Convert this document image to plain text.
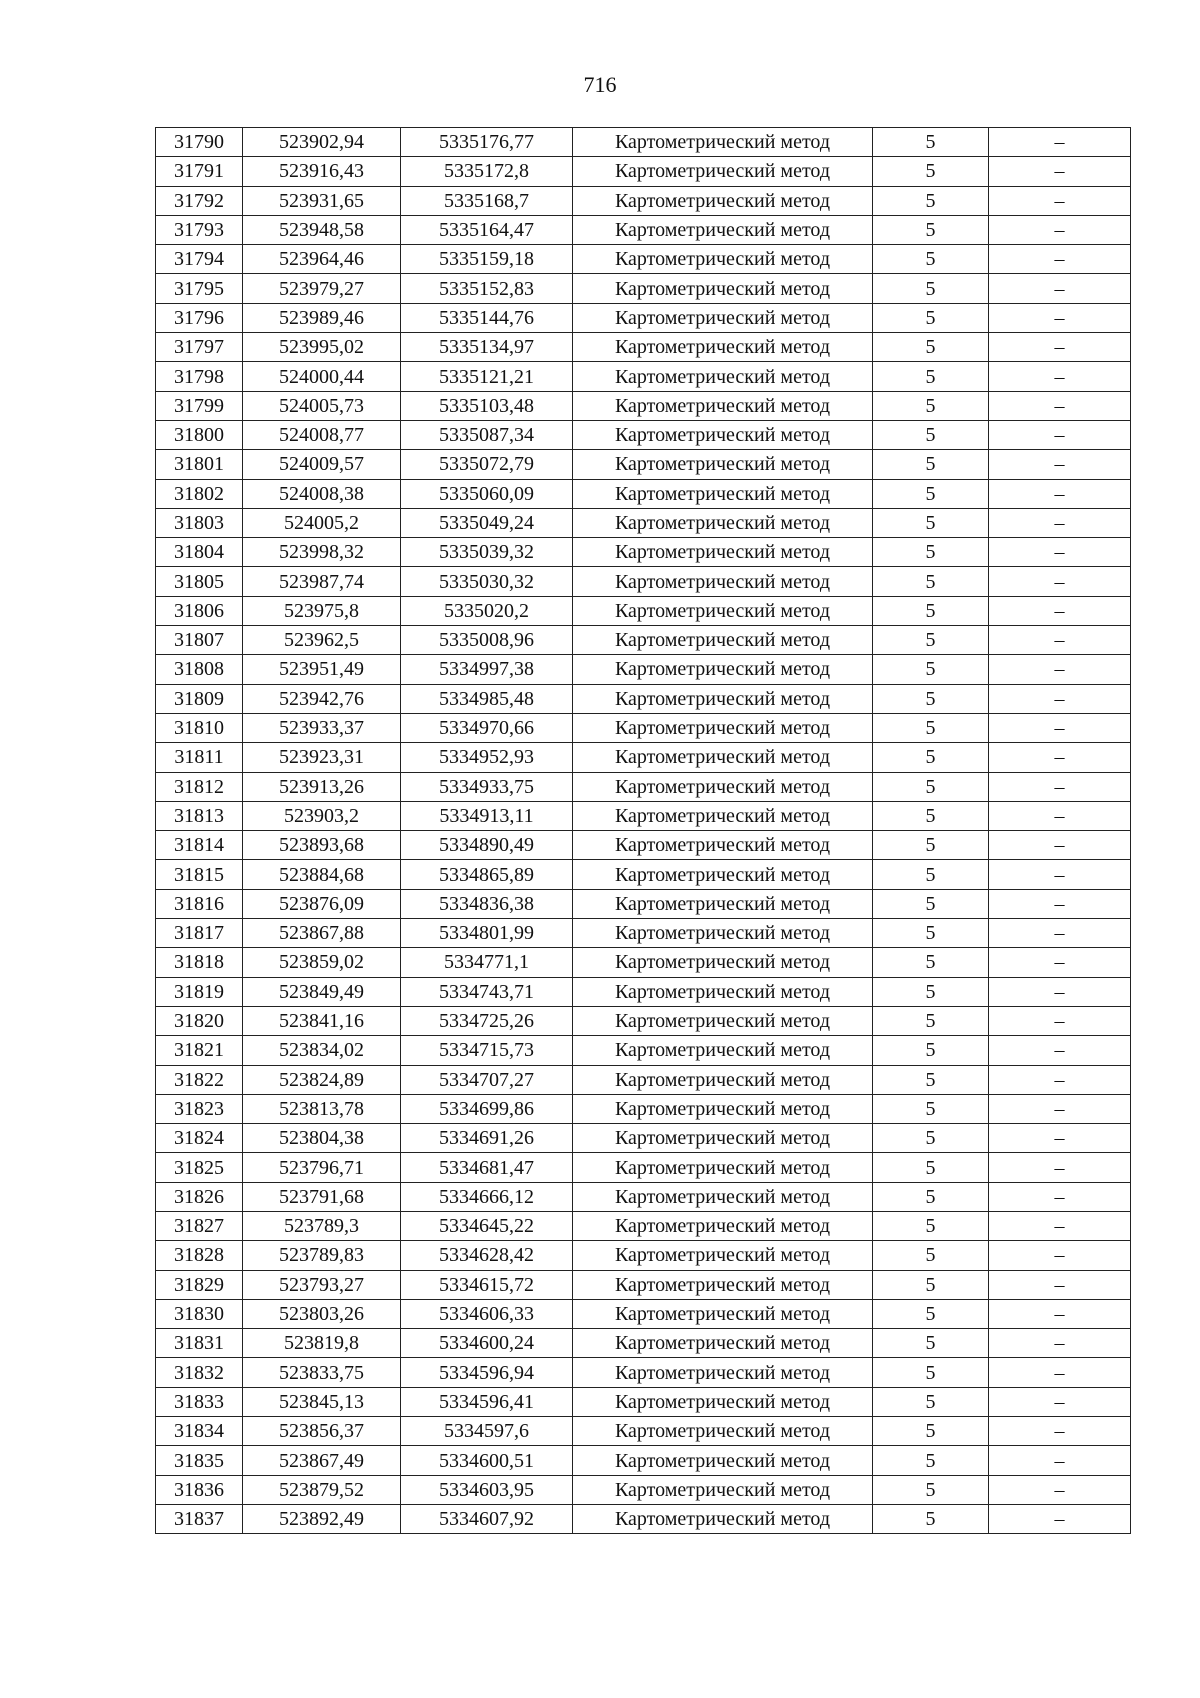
716
31790	523902,94	5335176,77	Картометрический метод	5	–
31791	523916,43	5335172,8	Картометрический метод	5	–
31792	523931,65	5335168,7	Картометрический метод	5	–
31793	523948,58	5335164,47	Картометрический метод	5	–
31794	523964,46	5335159,18	Картометрический метод	5	–
31795	523979,27	5335152,83	Картометрический метод	5	–
31796	523989,46	5335144,76	Картометрический метод	5	–
31797	523995,02	5335134,97	Картометрический метод	5	–
31798	524000,44	5335121,21	Картометрический метод	5	–
31799	524005,73	5335103,48	Картометрический метод	5	–
31800	524008,77	5335087,34	Картометрический метод	5	–
31801	524009,57	5335072,79	Картометрический метод	5	–
31802	524008,38	5335060,09	Картометрический метод	5	–
31803	524005,2	5335049,24	Картометрический метод	5	–
31804	523998,32	5335039,32	Картометрический метод	5	–
31805	523987,74	5335030,32	Картометрический метод	5	–
31806	523975,8	5335020,2	Картометрический метод	5	–
31807	523962,5	5335008,96	Картометрический метод	5	–
31808	523951,49	5334997,38	Картометрический метод	5	–
31809	523942,76	5334985,48	Картометрический метод	5	–
31810	523933,37	5334970,66	Картометрический метод	5	–
31811	523923,31	5334952,93	Картометрический метод	5	–
31812	523913,26	5334933,75	Картометрический метод	5	–
31813	523903,2	5334913,11	Картометрический метод	5	–
31814	523893,68	5334890,49	Картометрический метод	5	–
31815	523884,68	5334865,89	Картометрический метод	5	–
31816	523876,09	5334836,38	Картометрический метод	5	–
31817	523867,88	5334801,99	Картометрический метод	5	–
31818	523859,02	5334771,1	Картометрический метод	5	–
31819	523849,49	5334743,71	Картометрический метод	5	–
31820	523841,16	5334725,26	Картометрический метод	5	–
31821	523834,02	5334715,73	Картометрический метод	5	–
31822	523824,89	5334707,27	Картометрический метод	5	–
31823	523813,78	5334699,86	Картометрический метод	5	–
31824	523804,38	5334691,26	Картометрический метод	5	–
31825	523796,71	5334681,47	Картометрический метод	5	–
31826	523791,68	5334666,12	Картометрический метод	5	–
31827	523789,3	5334645,22	Картометрический метод	5	–
31828	523789,83	5334628,42	Картометрический метод	5	–
31829	523793,27	5334615,72	Картометрический метод	5	–
31830	523803,26	5334606,33	Картометрический метод	5	–
31831	523819,8	5334600,24	Картометрический метод	5	–
31832	523833,75	5334596,94	Картометрический метод	5	–
31833	523845,13	5334596,41	Картометрический метод	5	–
31834	523856,37	5334597,6	Картометрический метод	5	–
31835	523867,49	5334600,51	Картометрический метод	5	–
31836	523879,52	5334603,95	Картометрический метод	5	–
31837	523892,49	5334607,92	Картометрический метод	5	–
